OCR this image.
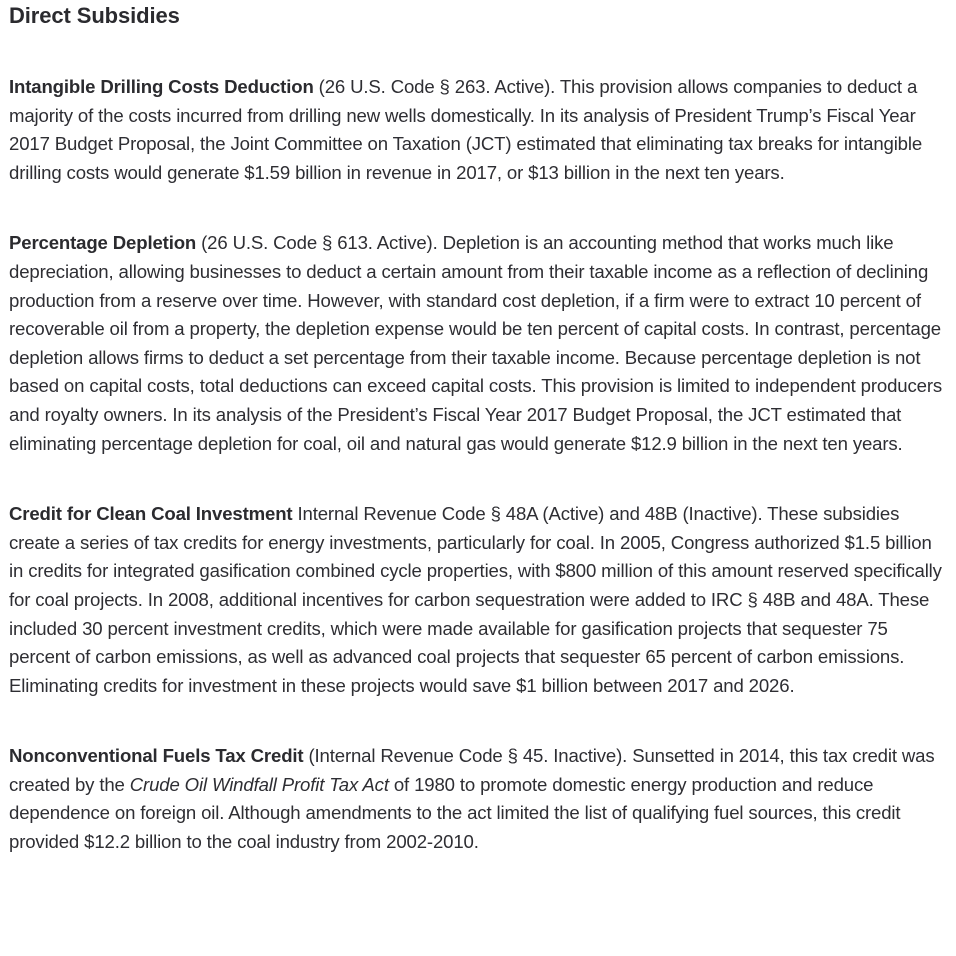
Direct Subsidies

Intangible Drilling Costs Deduction (26 U.S. Code § 263. Active). This provision allows companies to deduct a majority of the costs incurred from drilling new wells domestically. In its analysis of President Trump’s Fiscal Year 2017 Budget Proposal, the Joint Committee on Taxation (JCT) estimated that eliminating tax breaks for intangible drilling costs would generate $1.59 billion in revenue in 2017, or $13 billion in the next ten years.

Percentage Depletion (26 U.S. Code § 613. Active). Depletion is an accounting method that works much like depreciation, allowing businesses to deduct a certain amount from their taxable income as a reflection of declining production from a reserve over time. However, with standard cost depletion, if a firm were to extract 10 percent of recoverable oil from a property, the depletion expense would be ten percent of capital costs. In contrast, percentage depletion allows firms to deduct a set percentage from their taxable income. Because percentage depletion is not based on capital costs, total deductions can exceed capital costs. This provision is limited to independent producers and royalty owners. In its analysis of the President’s Fiscal Year 2017 Budget Proposal, the JCT estimated that eliminating percentage depletion for coal, oil and natural gas would generate $12.9 billion in the next ten years.

Credit for Clean Coal Investment Internal Revenue Code § 48A (Active) and 48B (Inactive). These subsidies create a series of tax credits for energy investments, particularly for coal. In 2005, Congress authorized $1.5 billion in credits for integrated gasification combined cycle properties, with $800 million of this amount reserved specifically for coal projects. In 2008, additional incentives for carbon sequestration were added to IRC § 48B and 48A. These included 30 percent investment credits, which were made available for gasification projects that sequester 75 percent of carbon emissions, as well as advanced coal projects that sequester 65 percent of carbon emissions. Eliminating credits for investment in these projects would save $1 billion between 2017 and 2026.

Nonconventional Fuels Tax Credit (Internal Revenue Code § 45. Inactive). Sunsetted in 2014, this tax credit was created by the Crude Oil Windfall Profit Tax Act of 1980 to promote domestic energy production and reduce dependence on foreign oil. Although amendments to the act limited the list of qualifying fuel sources, this credit provided $12.2 billion to the coal industry from 2002-2010.
